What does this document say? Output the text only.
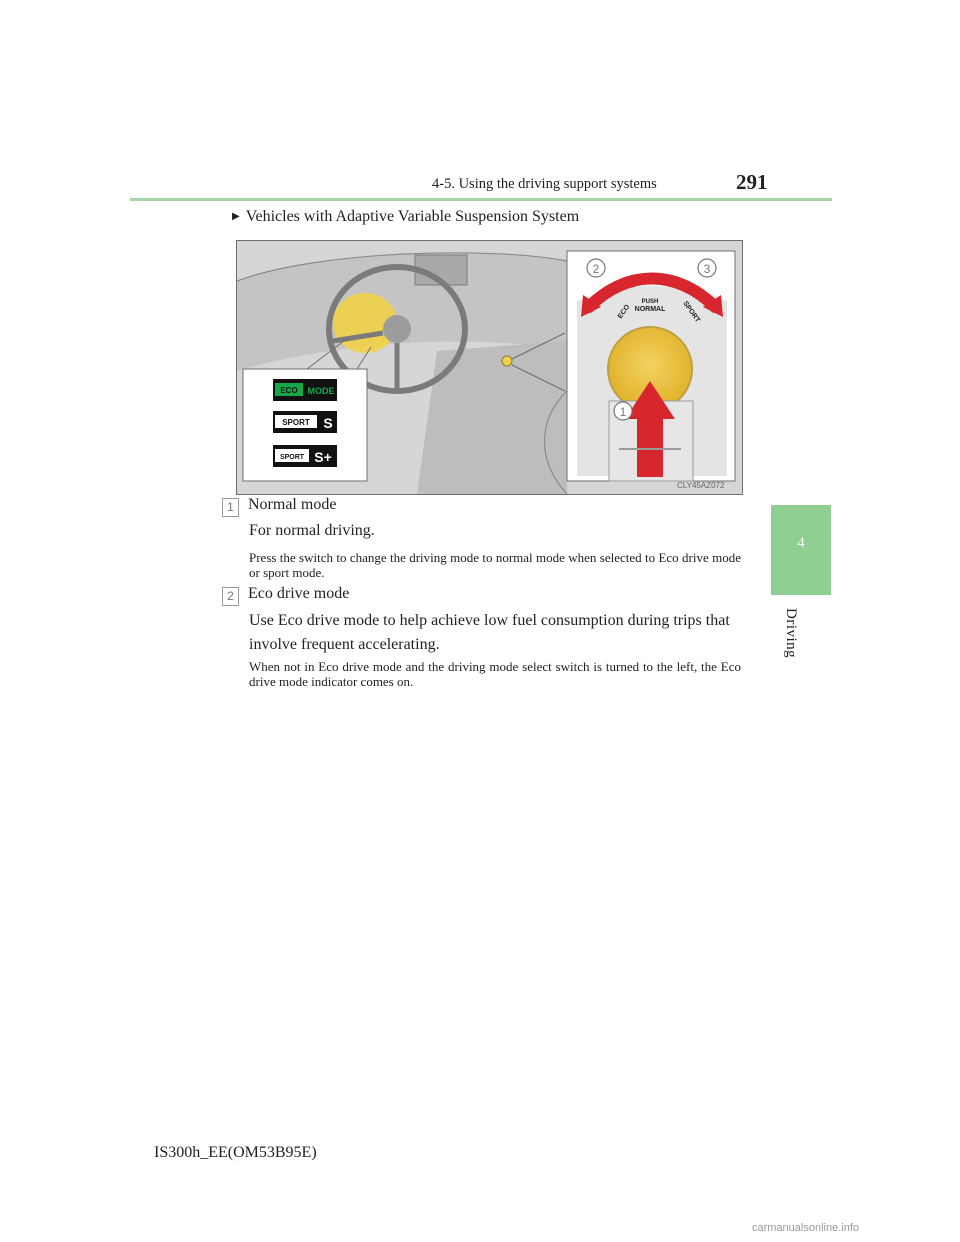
4-5. Using the driving support systems	291
4
Driving
▶ Vehicles with Adaptive Variable Suspension System
ECO MODE
SPORT S
SPORT S+
ECO
PUSH
NORMAL SPORT
1
2	3
CLY45AZ072
1 Normal mode
For normal driving.
Press the switch to change the driving mode to normal mode when selected to Eco drive mode or sport mode.
2 Eco drive mode
Use Eco drive mode to help achieve low fuel consumption during trips that involve frequent accelerating.
When not in Eco drive mode and the driving mode select switch is turned to the left, the Eco drive mode indicator comes on.
IS300h_EE(OM53B95E)
carmanualsonline.info
